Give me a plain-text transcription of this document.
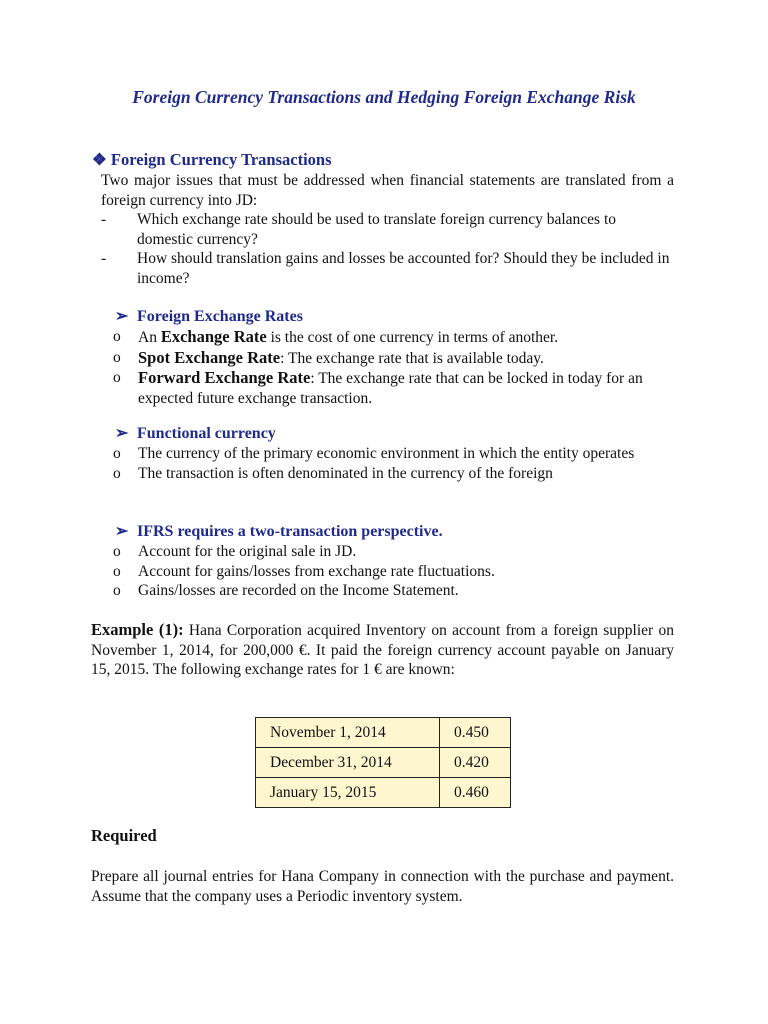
Foreign Currency Transactions and Hedging Foreign Exchange Risk
❖ Foreign Currency Transactions

Two major issues that must be addressed when financial statements are translated from a foreign currency into JD:

-	Which exchange rate should be used to translate foreign currency balances to domestic currency?
-	How should translation gains and losses be accounted for? Should they be included in income?
➢ Foreign Exchange Rates
o	An Exchange Rate is the cost of one currency in terms of another.
o	Spot Exchange Rate: The exchange rate that is available today.
o	Forward Exchange Rate: The exchange rate that can be locked in today for an expected future exchange transaction.
➢ Functional currency
o	The currency of the primary economic environment in which the entity operates
o	The transaction is often denominated in the currency of the foreign
➢ IFRS requires a two-transaction perspective.
o	Account for the original sale in JD.
o	Account for gains/losses from exchange rate fluctuations.
o	Gains/losses are recorded on the Income Statement.
Example (1): Hana Corporation acquired Inventory on account from a foreign supplier on November 1, 2014, for 200,000 €. It paid the foreign currency account payable on January 15, 2015. The following exchange rates for 1 € are known:
November 1, 2014	0.450
December 31, 2014	0.420
January 15, 2015	0.460
Required
Prepare all journal entries for Hana Company in connection with the purchase and payment. Assume that the company uses a Periodic inventory system.
